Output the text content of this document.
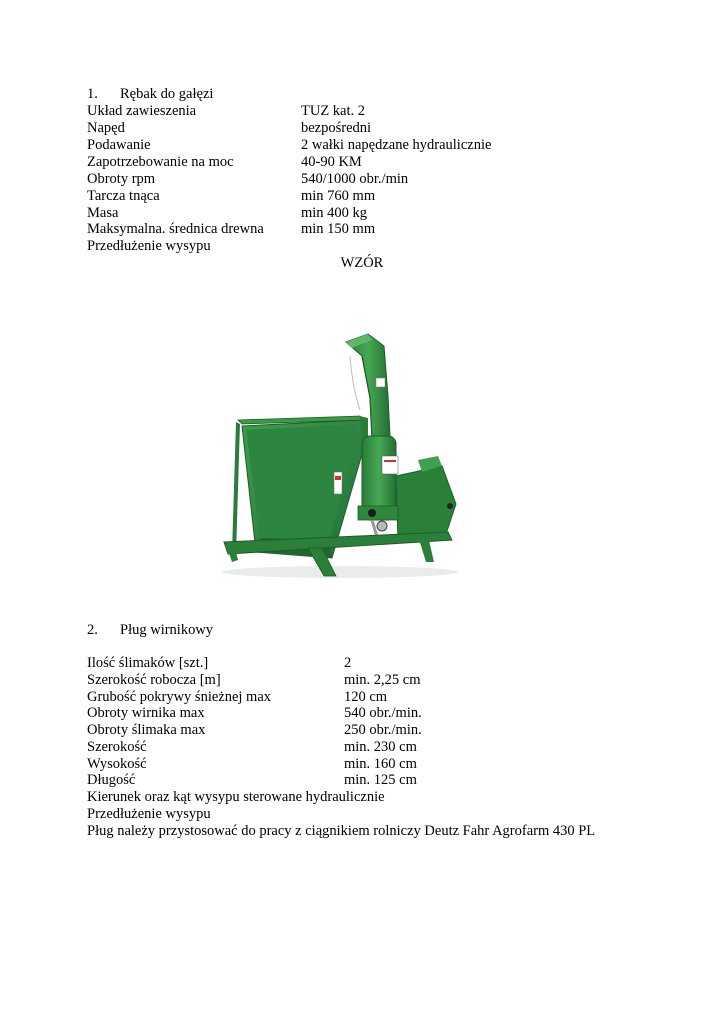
1. Rębak do gałęzi
Układ zawieszenia	TUZ kat. 2
Napęd	bezpośredni
Podawanie	2 wałki napędzane hydraulicznie
Zapotrzebowanie na moc	40-90 KM
Obroty rpm	540/1000 obr./min
Tarcza tnąca	min 760 mm
Masa	min 400 kg
Maksymalna. średnica drewna	min 150 mm
Przedłużenie wysypu
WZÓR
2. Pług wirnikowy
Ilość ślimaków [szt.]	2
Szerokość robocza [m]	min. 2,25 cm
Grubość pokrywy śnieżnej max	120 cm
Obroty wirnika max	540 obr./min.
Obroty ślimaka max	250 obr./min.
Szerokość	min. 230 cm
Wysokość	min. 160 cm
Długość	min. 125 cm
Kierunek oraz kąt wysypu sterowane hydraulicznie
Przedłużenie wysypu
Pług należy przystosować do pracy z ciągnikiem rolniczy Deutz Fahr Agrofarm 430 PL
